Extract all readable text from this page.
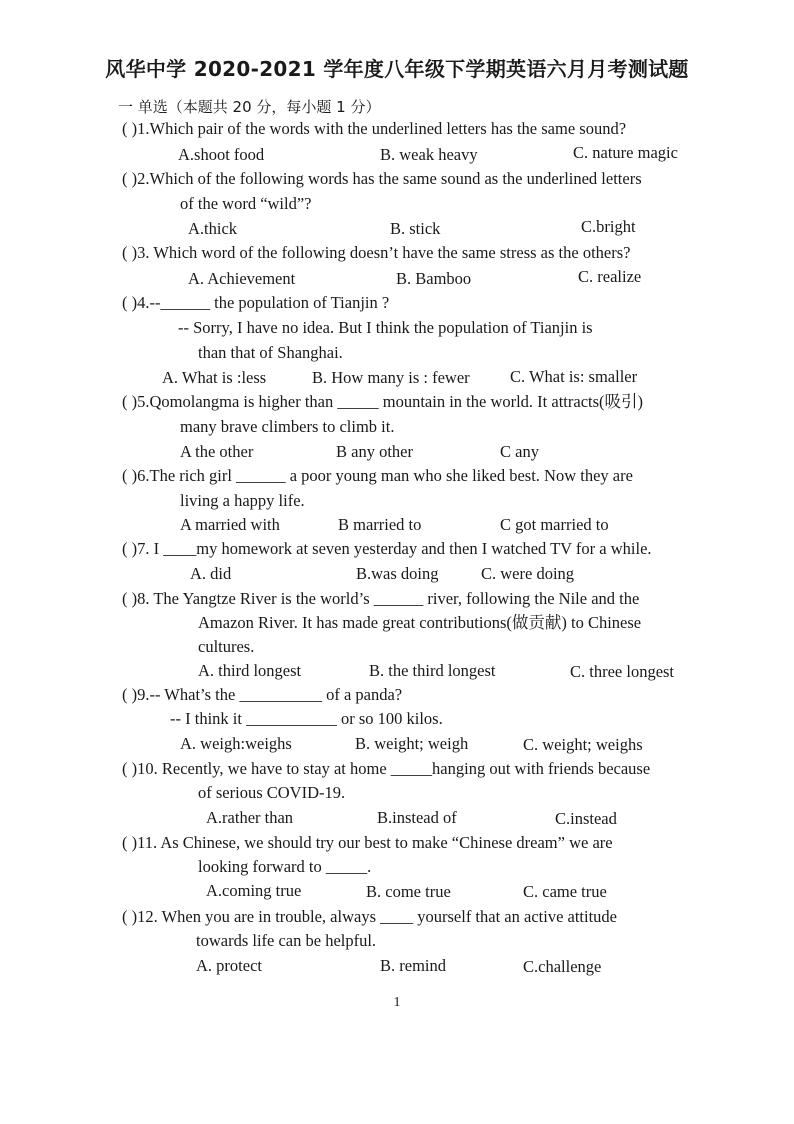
风华中学 2020-2021 学年度八年级下学期英语六月月考测试题
一 单选（本题共 20 分，每小题 1 分）
( )1.Which pair of the words with the underlined letters has the same sound?
A.shoot food	B. weak heavy	C. nature magic
( )2.Which of the following words has the same sound as the underlined letters
of the word “wild”?
A.thick	B. stick	C.bright
( )3. Which word of the following doesn’t have the same stress as the others?
A. Achievement	B. Bamboo	C. realize
( )4.--______ the population of Tianjin ?
-- Sorry, I have no idea. But I think the population of Tianjin is
than that of Shanghai.
A. What is :less	B. How many is : fewer C. What is: smaller
( )5.Qomolangma is higher than _____ mountain in the world. It attracts(吸引)
many brave climbers to climb it.
A the other	B any other	C any
( )6.The rich girl ______ a poor young man who she liked best. Now they are
living a happy life.
A married with	B married to	C got married to
( )7. I ____my homework at seven yesterday and then I watched TV for a while.
A. did	B.was doing	C. were doing
( )8. The Yangtze River is the world’s ______ river, following the Nile and the
Amazon River. It has made great contributions(做贡献) to Chinese
cultures.
A. third longest	B. the third longest	C. three longest
( )9.-- What’s the __________ of a panda?
-- I think it ___________ or so 100 kilos.
A. weigh:weighs	B. weight; weigh	C. weight; weighs
( )10. Recently, we have to stay at home _____hanging out with friends because
of serious COVID-19.
A.rather than	B.instead of	C.instead
( )11. As Chinese, we should try our best to make “Chinese dream” we are
looking forward to _____.
A.coming true	B. come true	C. came true
( )12. When you are in trouble, always ____ yourself that an active attitude
towards life can be helpful.
A. protect	B. remind	C.challenge
1
